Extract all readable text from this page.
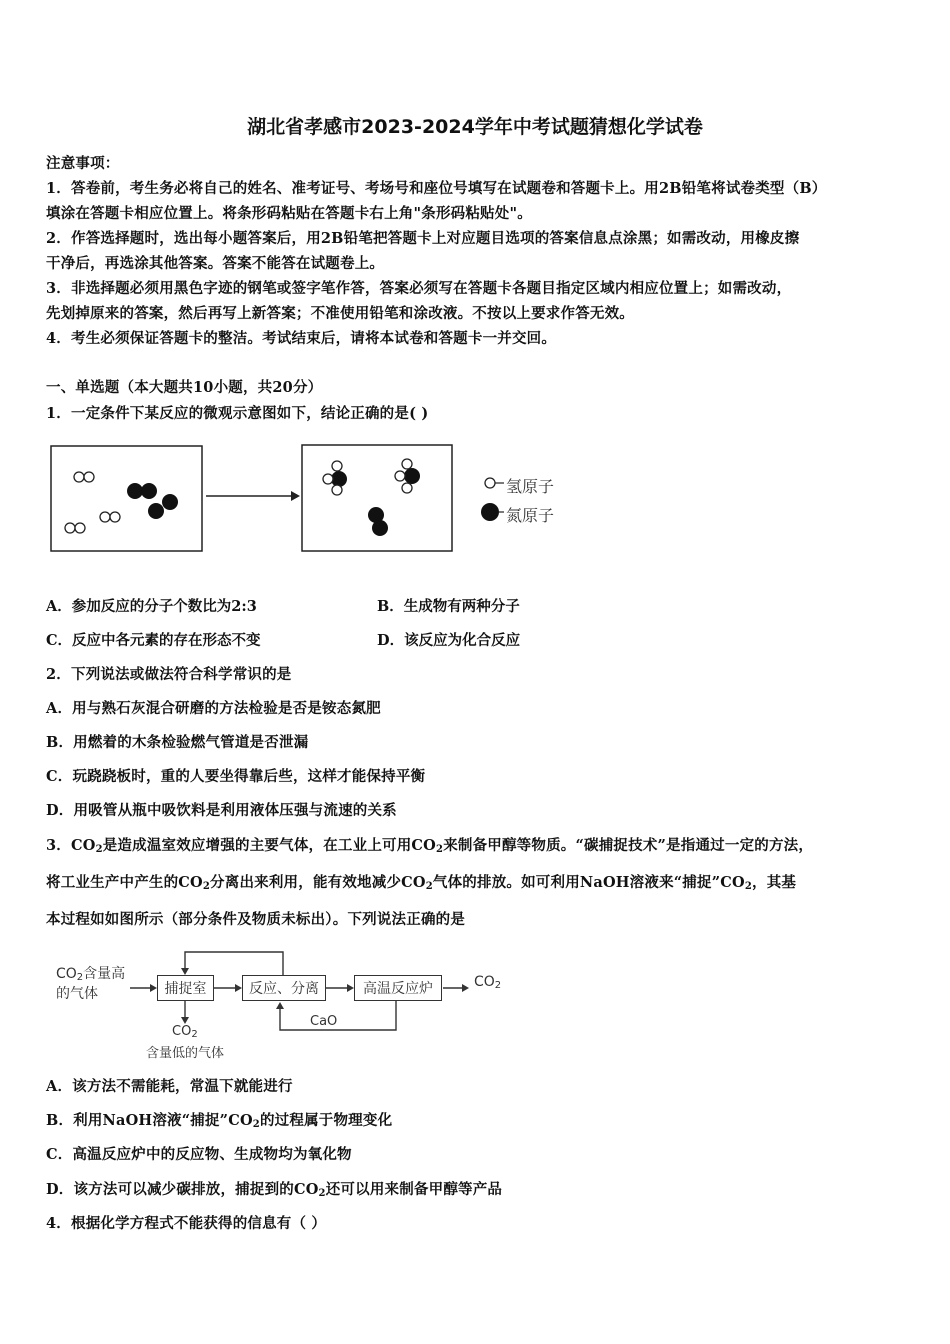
湖北省孝感市2023-2024学年中考试题猜想化学试卷
注意事项：
1．答卷前，考生务必将自己的姓名、准考证号、考场号和座位号填写在试题卷和答题卡上。用2B铅笔将试卷类型（B）
填涂在答题卡相应位置上。将条形码粘贴在答题卡右上角"条形码粘贴处"。
2．作答选择题时，选出每小题答案后，用2B铅笔把答题卡上对应题目选项的答案信息点涂黑；如需改动，用橡皮擦
干净后，再选涂其他答案。答案不能答在试题卷上。
3．非选择题必须用黑色字迹的钢笔或签字笔作答，答案必须写在答题卡各题目指定区域内相应位置上；如需改动，
先划掉原来的答案，然后再写上新答案；不准使用铅笔和涂改液。不按以上要求作答无效。
4．考生必须保证答题卡的整洁。考试结束后，请将本试卷和答题卡一并交回。
一、单选题（本大题共10小题，共20分）
1．一定条件下某反应的微观示意图如下，结论正确的是( )
氢原子
氮原子
A．参加反应的分子个数比为2:3	B．生成物有两种分子
C．反应中各元素的存在形态不变	D．该反应为化合反应
2．下列说法或做法符合科学常识的是
A．用与熟石灰混合研磨的方法检验是否是铵态氮肥
B．用燃着的木条检验燃气管道是否泄漏
C．玩跷跷板时，重的人要坐得靠后些，这样才能保持平衡
D．用吸管从瓶中吸饮料是利用液体压强与流速的关系
3．$CO_2$是造成温室效应增强的主要气体，在工业上可用$CO_2$来制备甲醇等物质。“碳捕捉技术”是指通过一定的方法，
将工业生产中产生的$CO_2$分离出来利用，能有效地减少$CO_2$气体的排放。如可利用NaOH溶液来“捕捉$”CO_2$，其基
本过程如如图所示（部分条件及物质未标出）。下列说法正确的是
捕捉室	反应、分离	高温反应炉
$CO_2$含量高
的气体
$CO_2$
CaO
$CO_2$
含量低的气体
A．该方法不需能耗，常温下就能进行
B．利用NaOH溶液“捕捉$”CO_2$的过程属于物理变化
C．高温反应炉中的反应物、生成物均为氧化物
D．该方法可以减少碳排放，捕捉到的$CO_2$还可以用来制备甲醇等产品
4．根据化学方程式不能获得的信息有（ ）
